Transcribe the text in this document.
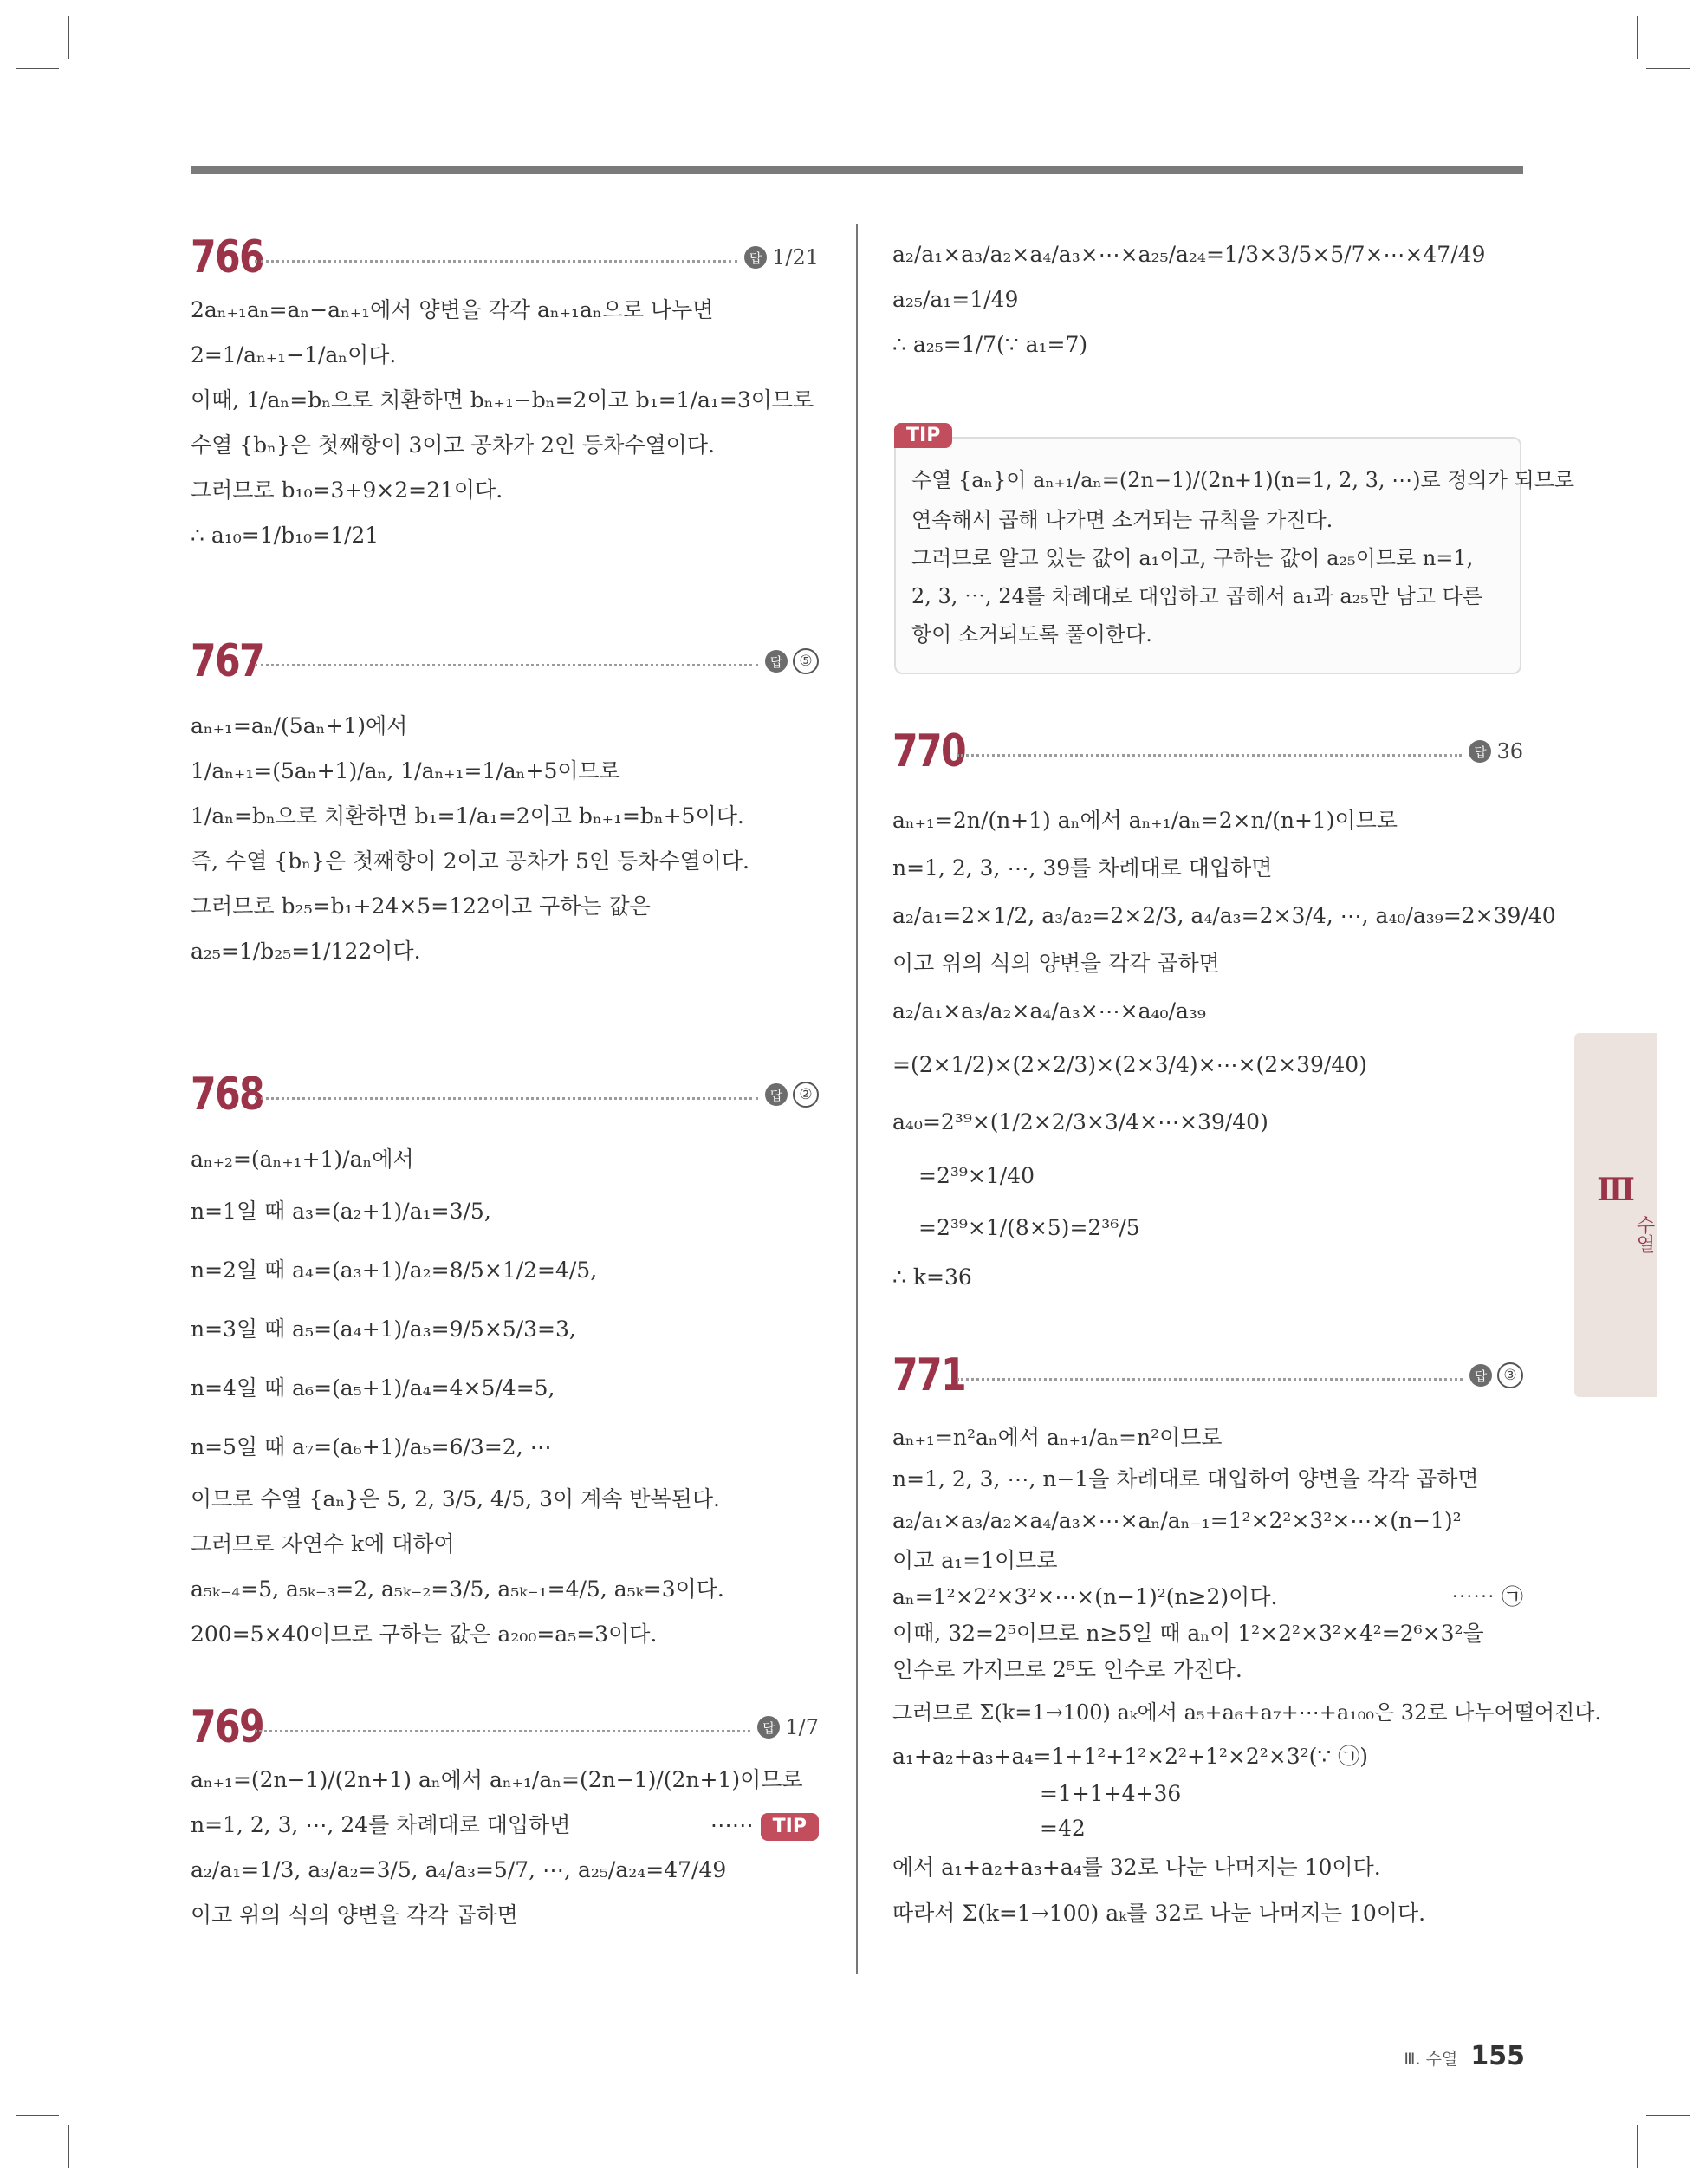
766	답 1/21
2aₙ₊₁aₙ=aₙ−aₙ₊₁에서 양변을 각각 aₙ₊₁aₙ으로 나누면
2=1/aₙ₊₁−1/aₙ이다.
이때, 1/aₙ=bₙ으로 치환하면 bₙ₊₁−bₙ=2이고 b₁=1/a₁=3이므로
수열 {bₙ}은 첫째항이 3이고 공차가 2인 등차수열이다.
그러므로 b₁₀=3+9×2=21이다.
∴ a₁₀=1/b₁₀=1/21
767	답	⑤
aₙ₊₁=aₙ/(5aₙ+1)에서
1/aₙ₊₁=(5aₙ+1)/aₙ, 1/aₙ₊₁=1/aₙ+5이므로
1/aₙ=bₙ으로 치환하면 b₁=1/a₁=2이고 bₙ₊₁=bₙ+5이다.
즉, 수열 {bₙ}은 첫째항이 2이고 공차가 5인 등차수열이다.
그러므로 b₂₅=b₁+24×5=122이고 구하는 값은
a₂₅=1/b₂₅=1/122이다.
768	답	②
aₙ₊₂=(aₙ₊₁+1)/aₙ에서
n=1일 때 a₃=(a₂+1)/a₁=3/5,
n=2일 때 a₄=(a₃+1)/a₂=8/5×1/2=4/5,
n=3일 때 a₅=(a₄+1)/a₃=9/5×5/3=3,
n=4일 때 a₆=(a₅+1)/a₄=4×5/4=5,
n=5일 때 a₇=(a₆+1)/a₅=6/3=2, ⋯
이므로 수열 {aₙ}은 5, 2, 3/5, 4/5, 3이 계속 반복된다.
그러므로 자연수 k에 대하여
a₅ₖ₋₄=5, a₅ₖ₋₃=2, a₅ₖ₋₂=3/5, a₅ₖ₋₁=4/5, a₅ₖ=3이다.
200=5×40이므로 구하는 값은 a₂₀₀=a₅=3이다.
769	답 1/7
aₙ₊₁=(2n−1)/(2n+1) aₙ에서 aₙ₊₁/aₙ=(2n−1)/(2n+1)이므로
n=1, 2, 3, ⋯, 24를 차례대로 대입하면	⋯⋯ TIP
a₂/a₁=1/3, a₃/a₂=3/5, a₄/a₃=5/7, ⋯, a₂₅/a₂₄=47/49
이고 위의 식의 양변을 각각 곱하면
a₂/a₁×a₃/a₂×a₄/a₃×⋯×a₂₅/a₂₄=1/3×3/5×5/7×⋯×47/49
a₂₅/a₁=1/49
∴ a₂₅=1/7(∵ a₁=7)
TIP
수열 {aₙ}이 aₙ₊₁/aₙ=(2n−1)/(2n+1)(n=1, 2, 3, ⋯)로 정의가 되므로
연속해서 곱해 나가면 소거되는 규칙을 가진다.
그러므로 알고 있는 값이 a₁이고, 구하는 값이 a₂₅이므로 n=1,
2, 3, ⋯, 24를 차례대로 대입하고 곱해서 a₁과 a₂₅만 남고 다른
항이 소거되도록 풀이한다.
770	답 36
aₙ₊₁=2n/(n+1) aₙ에서 aₙ₊₁/aₙ=2×n/(n+1)이므로
n=1, 2, 3, ⋯, 39를 차례대로 대입하면
a₂/a₁=2×1/2, a₃/a₂=2×2/3, a₄/a₃=2×3/4, ⋯, a₄₀/a₃₉=2×39/40
이고 위의 식의 양변을 각각 곱하면
a₂/a₁×a₃/a₂×a₄/a₃×⋯×a₄₀/a₃₉
=(2×1/2)×(2×2/3)×(2×3/4)×⋯×(2×39/40)
a₄₀=2³⁹×(1/2×2/3×3/4×⋯×39/40)
=2³⁹×1/40
=2³⁹×1/(8×5)=2³⁶/5
∴ k=36
771	답	③
aₙ₊₁=n²aₙ에서 aₙ₊₁/aₙ=n²이므로
n=1, 2, 3, ⋯, n−1을 차례대로 대입하여 양변을 각각 곱하면
a₂/a₁×a₃/a₂×a₄/a₃×⋯×aₙ/aₙ₋₁=1²×2²×3²×⋯×(n−1)²
이고 a₁=1이므로
aₙ=1²×2²×3²×⋯×(n−1)²(n≥2)이다.	⋯⋯ ㉠
이때, 32=2⁵이므로 n≥5일 때 aₙ이 1²×2²×3²×4²=2⁶×3²을
인수로 가지므로 2⁵도 인수로 가진다.
그러므로 Σ(k=1→100) aₖ에서 a₅+a₆+a₇+⋯+a₁₀₀은 32로 나누어떨어진다.
a₁+a₂+a₃+a₄=1+1²+1²×2²+1²×2²×3²(∵ ㉠)
=1+1+4+36
=42
에서 a₁+a₂+a₃+a₄를 32로 나눈 나머지는 10이다.
따라서 Σ(k=1→100) aₖ를 32로 나눈 나머지는 10이다.
Ⅲ
수열
Ⅲ. 수열 155
